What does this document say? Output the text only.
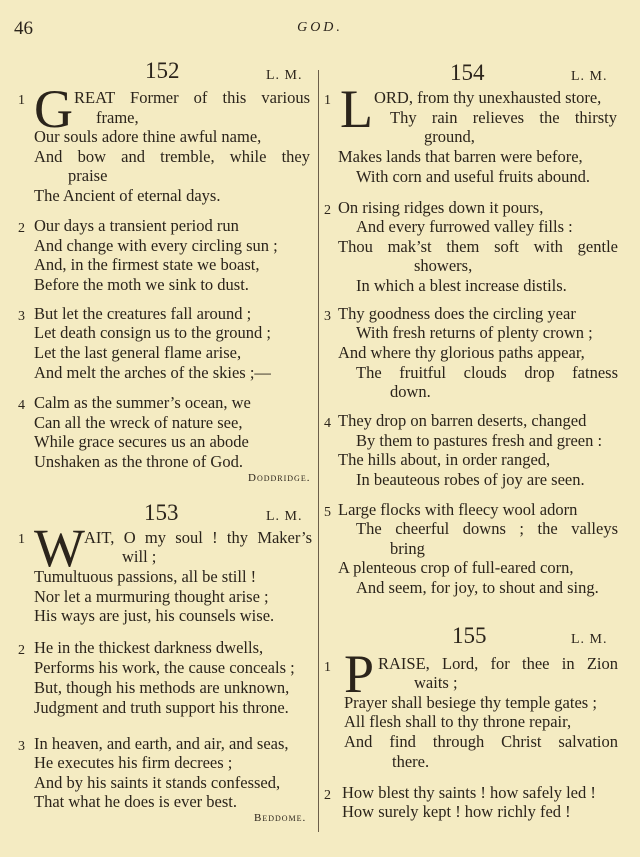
46	GOD.
152	L. M.
1 G REAT Former of this various
frame,
Our souls adore thine awful name,
And bow and tremble, while they
praise
The Ancient of eternal days.
2 Our days a transient period run
And change with every circling sun ;
And, in the firmest state we boast,
Before the moth we sink to dust.
3 But let the creatures fall around ;
Let death consign us to the ground ;
Let the last general flame arise,
And melt the arches of the skies ;—
4 Calm as the summer’s ocean, we
Can all the wreck of nature see,
While grace secures us an abode
Unshaken as the throne of God.
Doddridge.
153	L. M.
1 W AIT, O my soul ! thy Maker’s
will ;
Tumultuous passions, all be still !
Nor let a murmuring thought arise ;
His ways are just, his counsels wise.
2 He in the thickest darkness dwells,
Performs his work, the cause conceals ;
But, though his methods are unknown,
Judgment and truth support his throne.
3 In heaven, and earth, and air, and seas,
He executes his firm decrees ;
And by his saints it stands confessed,
That what he does is ever best.
Beddome.
154	L. M.
1 L ORD, from thy unexhausted store,
Thy rain relieves the thirsty
ground,
Makes lands that barren were before,
With corn and useful fruits abound.
2 On rising ridges down it pours,
And every furrowed valley fills :
Thou mak’st them soft with gentle
showers,
In which a blest increase distils.
3 Thy goodness does the circling year
With fresh returns of plenty crown ;
And where thy glorious paths appear,
The fruitful clouds drop fatness
down.
4 They drop on barren deserts, changed
By them to pastures fresh and green :
The hills about, in order ranged,
In beauteous robes of joy are seen.
5 Large flocks with fleecy wool adorn
The cheerful downs ; the valleys
bring
A plenteous crop of full-eared corn,
And seem, for joy, to shout and sing.
155	L. M.
1 P RAISE, Lord, for thee in Zion
waits ;
Prayer shall besiege thy temple gates ;
All flesh shall to thy throne repair,
And find through Christ salvation
there.
2 How blest thy saints ! how safely led !
How surely kept ! how richly fed !
